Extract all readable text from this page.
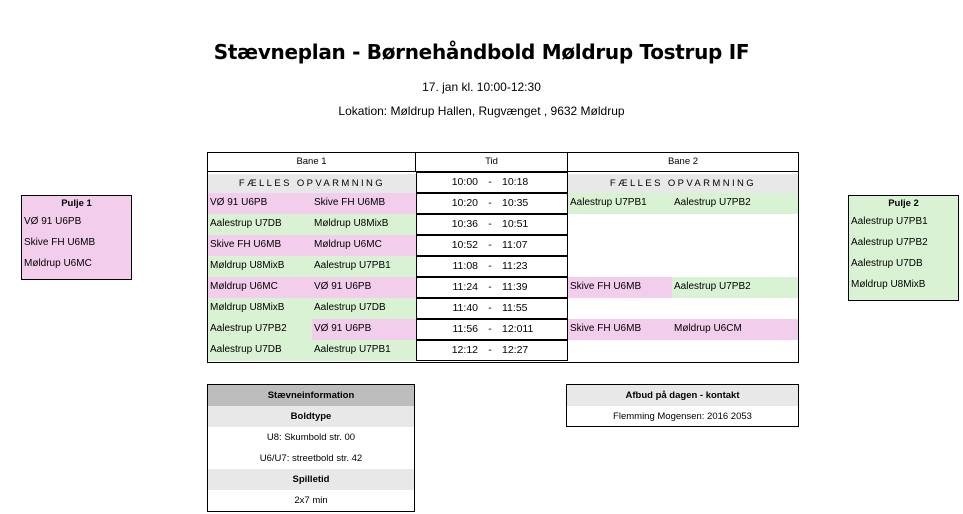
Stævneplan - Børnehåndbold Møldrup Tostrup IF
17. jan kl. 10:00-12:30
Lokation: Møldrup Hallen, Rugvænget , 9632 Møldrup
Pulje 1
VØ 91 U6PB
Skive FH U6MB
Møldrup U6MC
Pulje 2
Aalestrup U7PB1
Aalestrup U7PB2
Aalestrup U7DB
Møldrup U8MixB
Bane 1	Tid	Bane 2
FÆLLES OPVARMNING	10:00 - 10:18	FÆLLES OPVARMNING
VØ 91 U6PB	Skive FH U6MB	10:20 - 10:35	Aalestrup U7PB1	Aalestrup U7PB2
Aalestrup U7DB	Møldrup U8MixB	10:36 - 10:51
Skive FH U6MB	Møldrup U6MC	10:52 - 11:07
Møldrup U8MixB	Aalestrup U7PB1	11:08 - 11:23
Møldrup U6MC	VØ 91 U6PB	11:24 - 11:39	Skive FH U6MB	Aalestrup U7PB2
Møldrup U8MixB	Aalestrup U7DB	11:40 - 11:55
Aalestrup U7PB2	VØ 91 U6PB	11:56 - 12:011	Skive FH U6MB	Møldrup U6CM
Aalestrup U7DB	Aalestrup U7PB1	12:12 - 12:27
Stævneinformation
Boldtype
U8: Skumbold str. 00
U6/U7: streetbold str. 42
Spilletid
2x7 min
Afbud på dagen - kontakt
Flemming Mogensen: 2016 2053
